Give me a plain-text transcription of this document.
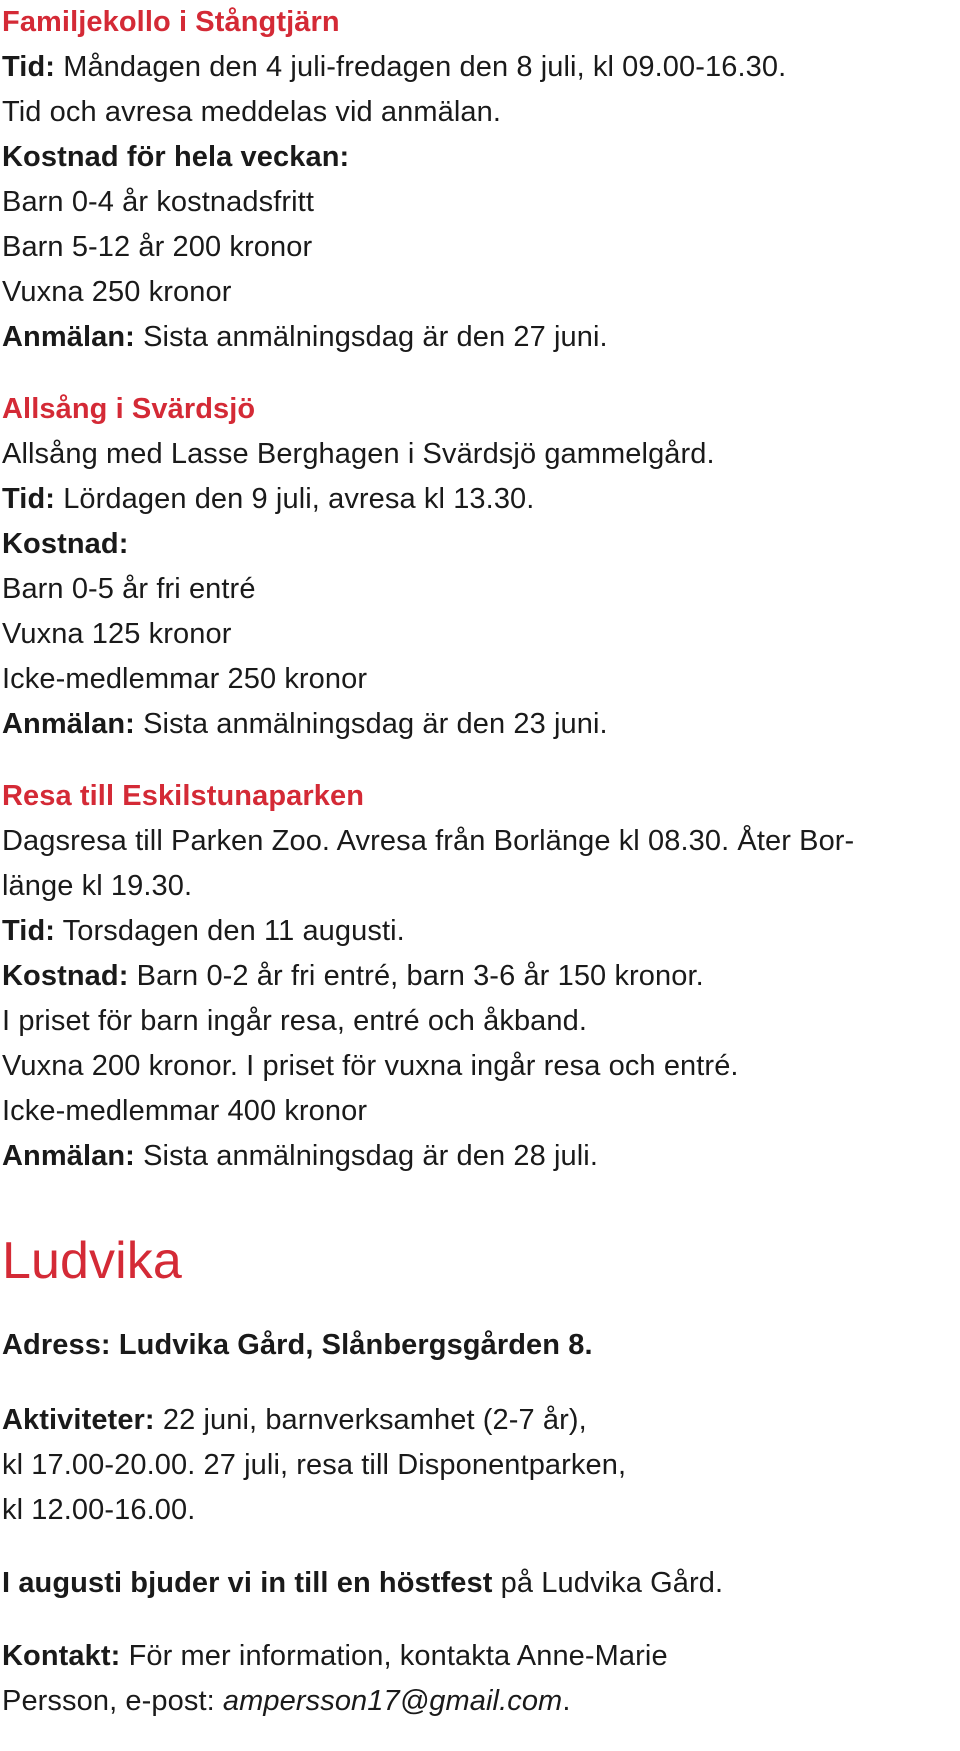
Familjekollo i Stångtjärn
Tid: Måndagen den 4 juli-fredagen den 8 juli, kl 09.00-16.30.
Tid och avresa meddelas vid anmälan.
Kostnad för hela veckan:
Barn 0-4 år kostnadsfritt
Barn 5-12 år 200 kronor
Vuxna 250 kronor
Anmälan: Sista anmälningsdag är den 27 juni.
Allsång i Svärdsjö
Allsång med Lasse Berghagen i Svärdsjö gammelgård.
Tid: Lördagen den 9 juli, avresa kl 13.30.
Kostnad:
Barn 0-5 år fri entré
Vuxna 125 kronor
Icke-medlemmar 250 kronor
Anmälan: Sista anmälningsdag är den 23 juni.
Resa till Eskilstunaparken
Dagsresa till Parken Zoo. Avresa från Borlänge kl 08.30. Åter Bor-
länge kl 19.30.
Tid: Torsdagen den 11 augusti.
Kostnad: Barn 0-2 år fri entré, barn 3-6 år 150 kronor.
I priset för barn ingår resa, entré och åkband.
Vuxna 200 kronor. I priset för vuxna ingår resa och entré.
Icke-medlemmar 400 kronor
Anmälan: Sista anmälningsdag är den 28 juli.
Ludvika
Adress: Ludvika Gård, Slånbergsgården 8.
Aktiviteter: 22 juni, barnverksamhet (2-7 år),
kl 17.00-20.00. 27 juli, resa till Disponentparken,
kl 12.00-16.00.
I augusti bjuder vi in till en höstfest på Ludvika Gård.
Kontakt: För mer information, kontakta Anne-Marie
Persson, e-post: ampersson17@gmail.com.
